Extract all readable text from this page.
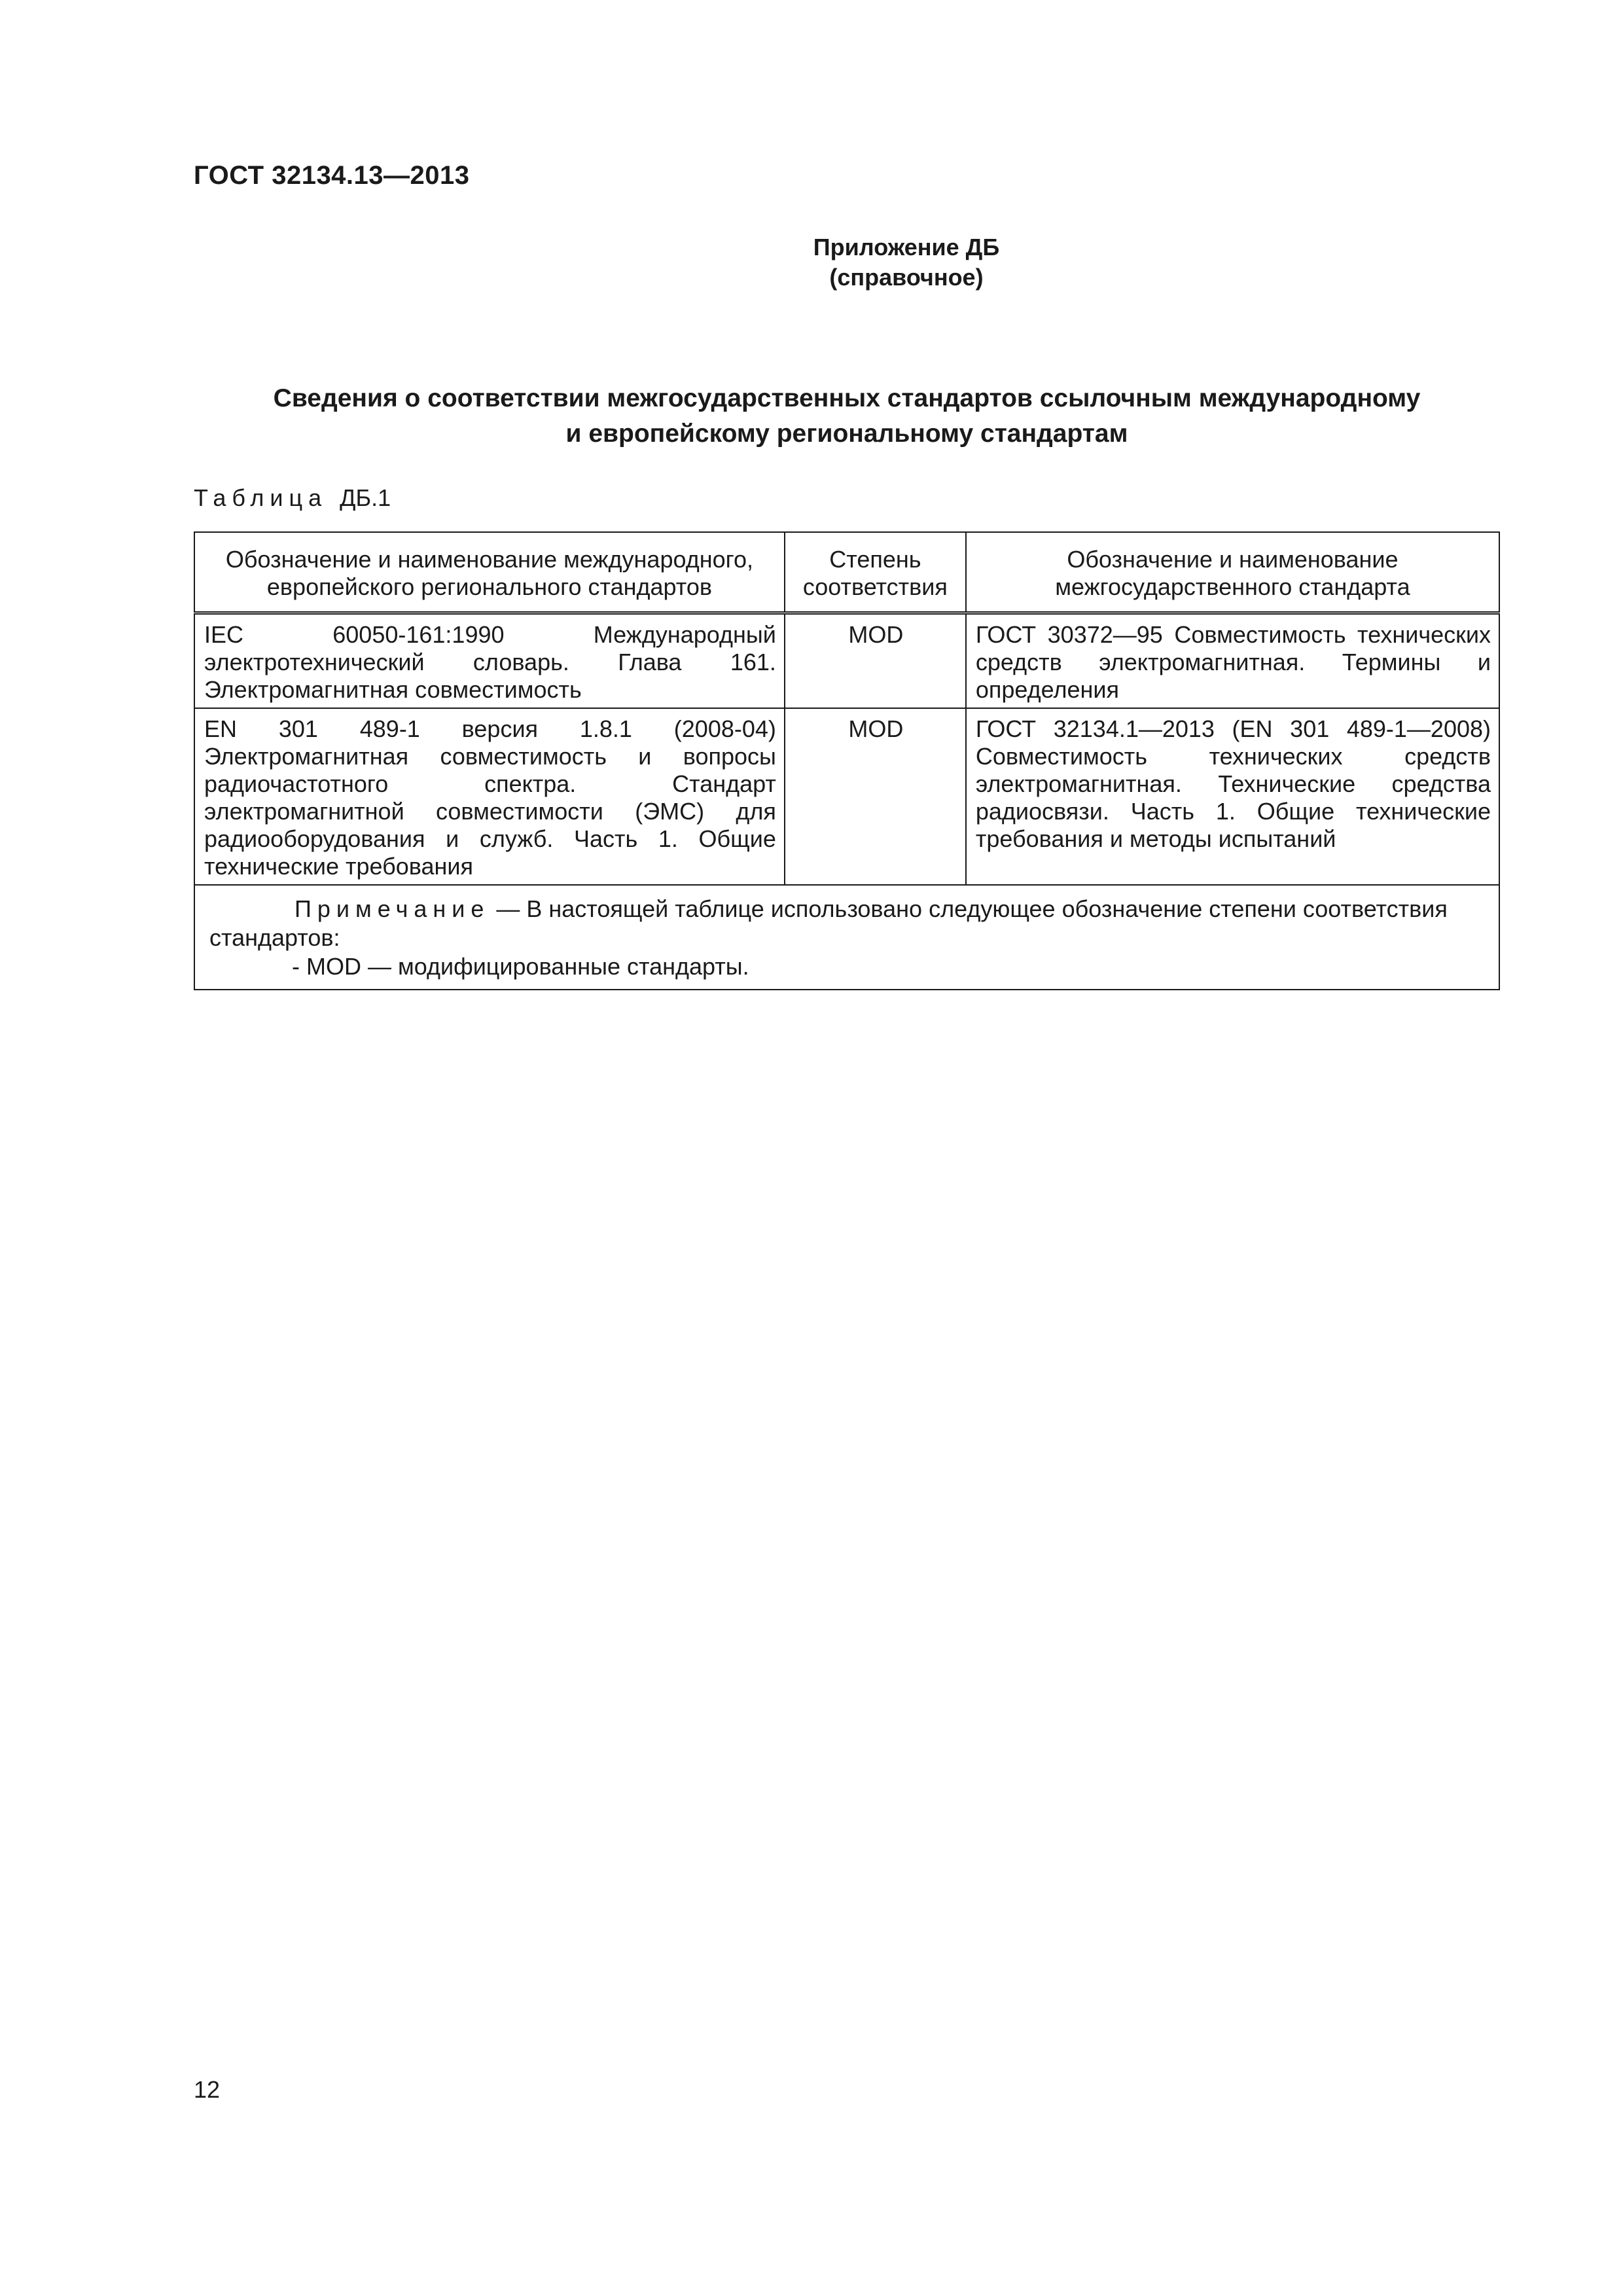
ГОСТ 32134.13—2013
Приложение ДБ
(справочное)
Сведения о соответствии межгосударственных стандартов ссылочным международному
и европейскому региональному стандартам
Таблица ДБ.1
Обозначение и наименование международного, европейского регионального стандартов	Степень соответствия	Обозначение и наименование межгосударственного стандарта
IEC 60050-161:1990 Международный электротехнический словарь. Глава 161. Электромагнитная совместимость	MOD	ГОСТ 30372—95 Совместимость технических средств электромагнитная. Термины и определения
EN 301 489-1 версия 1.8.1 (2008-04) Электромагнитная совместимость и вопросы радиочастотного спектра. Стандарт электромагнитной совместимости (ЭМС) для радиооборудования и служб. Часть 1. Общие технические требования	MOD	ГОСТ 32134.1—2013 (EN 301 489-1—2008) Совместимость технических средств электромагнитная. Технические средства радиосвязи. Часть 1. Общие технические требования и методы испытаний

Примечание — В настоящей таблице использовано следующее обозначение степени соответствия стандартов:
- MOD — модифицированные стандарты.		
12
